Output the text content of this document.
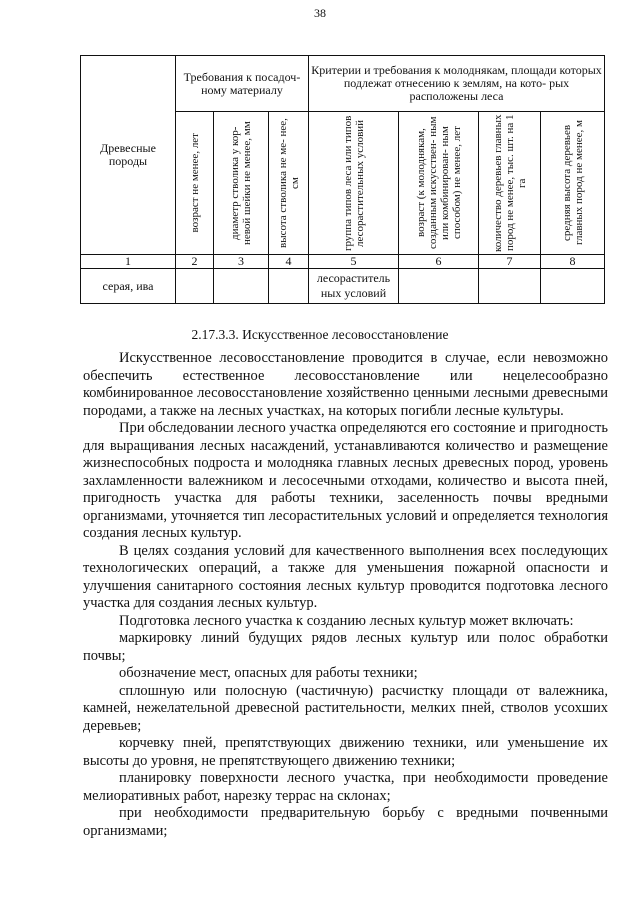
38
Древесные породы	Требования к посадоч- ному материалу			Критерии и требования к молоднякам, площади которых подлежат отнесению к землям, на кото- рых расположены леса			

	возраст не менее, лет	диаметр стволика у кор- невой шейки не менее, мм	высота стволика не ме- нее, см	группа типов леса или типов лесорастительных условий	возраст (к молоднякам, созданным искусствен- ным или комбинирован- ным способом) не менее, лет	количество деревьев главных пород не менее, тыс. шт. на 1 га	средняя высота деревьев главных пород не менее, м

1	2	3	4	5	6	7	8
серая, ива				лесораститель ных условий			
2.17.3.3. Искусственное лесовосстановление

Искусственное лесовосстановление проводится в случае, если невозможно обеспечить естественное лесовосстановление или нецелесообразно комбинированное лесовосстановление хозяйственно ценными лесными древесными породами, а также на лесных участках, на которых погибли лесные культуры.

При обследовании лесного участка определяются его состояние и пригодность для выращивания лесных насаждений, устанавливаются количество и размещение жизнеспособных подроста и молодняка главных лесных древесных пород, уровень захламленности валежником и лесосечными отходами, количество и высота пней, пригодность участка для работы техники, заселенность почвы вредными организмами, уточняется тип лесорастительных условий и определяется технология создания лесных культур.

В целях создания условий для качественного выполнения всех последующих технологических операций, а также для уменьшения пожарной опасности и улучшения санитарного состояния лесных культур проводится подготовка лесного участка для создания лесных культур.

Подготовка лесного участка к созданию лесных культур может включать:

маркировку линий будущих рядов лесных культур или полос обработки почвы;

обозначение мест, опасных для работы техники;

сплошную или полосную (частичную) расчистку площади от валежника, камней, нежелательной древесной растительности, мелких пней, стволов усохших деревьев;

корчевку пней, препятствующих движению техники, или уменьшение их высоты до уровня, не препятствующего движению техники;

планировку поверхности лесного участка, при необходимости проведение мелиоративных работ, нарезку террас на склонах;

при необходимости предварительную борьбу с вредными почвенными организмами;
